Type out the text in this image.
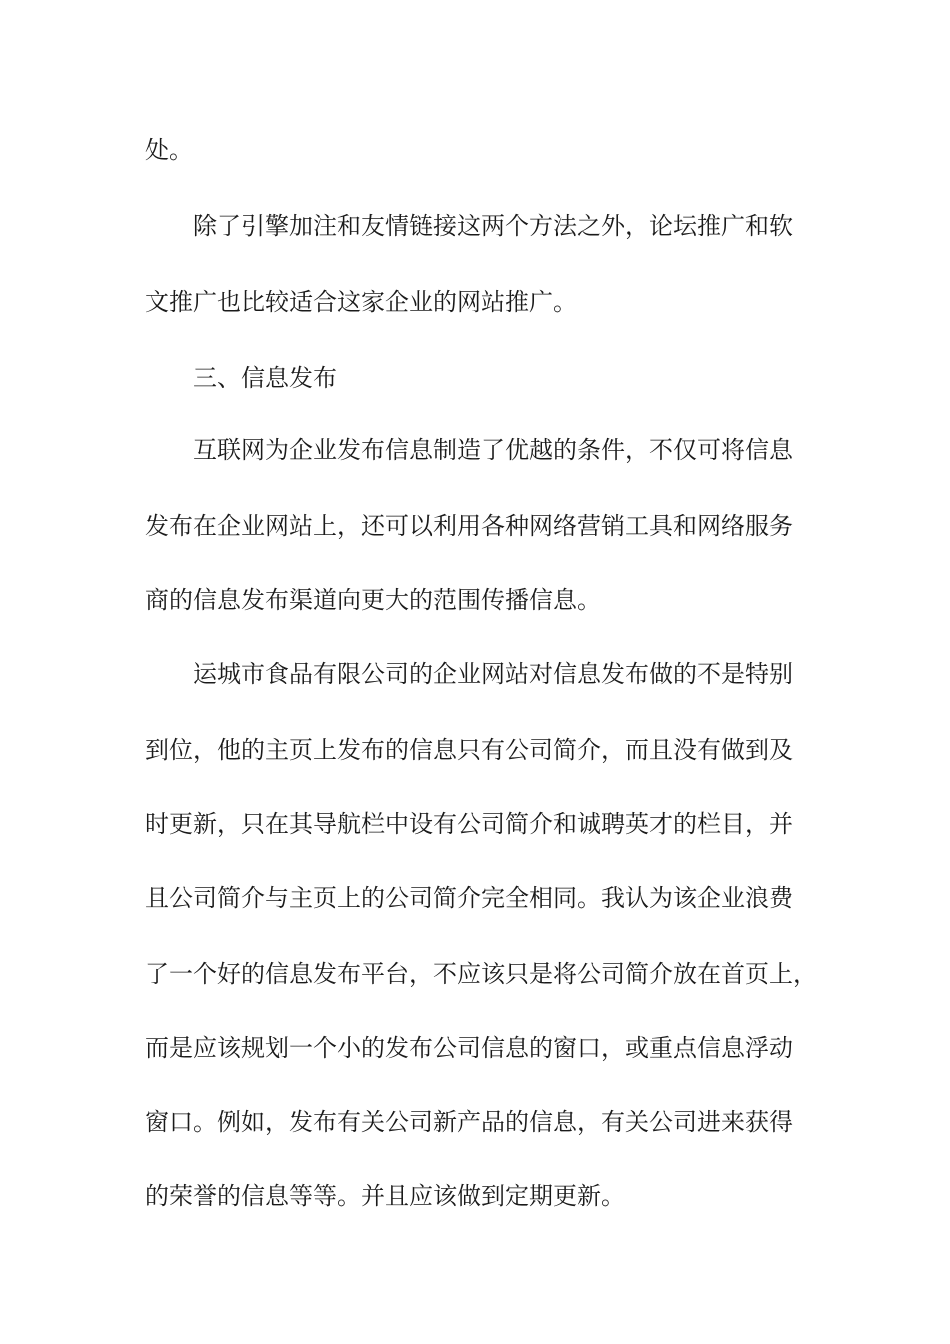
处。
除了引擎加注和友情链接这两个方法之外，论坛推广和软
文推广也比较适合这家企业的网站推广。
三、信息发布
互联网为企业发布信息制造了优越的条件，不仅可将信息
发布在企业网站上，还可以利用各种网络营销工具和网络服务
商的信息发布渠道向更大的范围传播信息。
运城市食品有限公司的企业网站对信息发布做的不是特别
到位，他的主页上发布的信息只有公司简介，而且没有做到及
时更新，只在其导航栏中设有公司简介和诚聘英才的栏目，并
且公司简介与主页上的公司简介完全相同。我认为该企业浪费
了一个好的信息发布平台，不应该只是将公司简介放在首页上，
而是应该规划一个小的发布公司信息的窗口，或重点信息浮动
窗口。例如，发布有关公司新产品的信息，有关公司进来获得
的荣誉的信息等等。并且应该做到定期更新。
